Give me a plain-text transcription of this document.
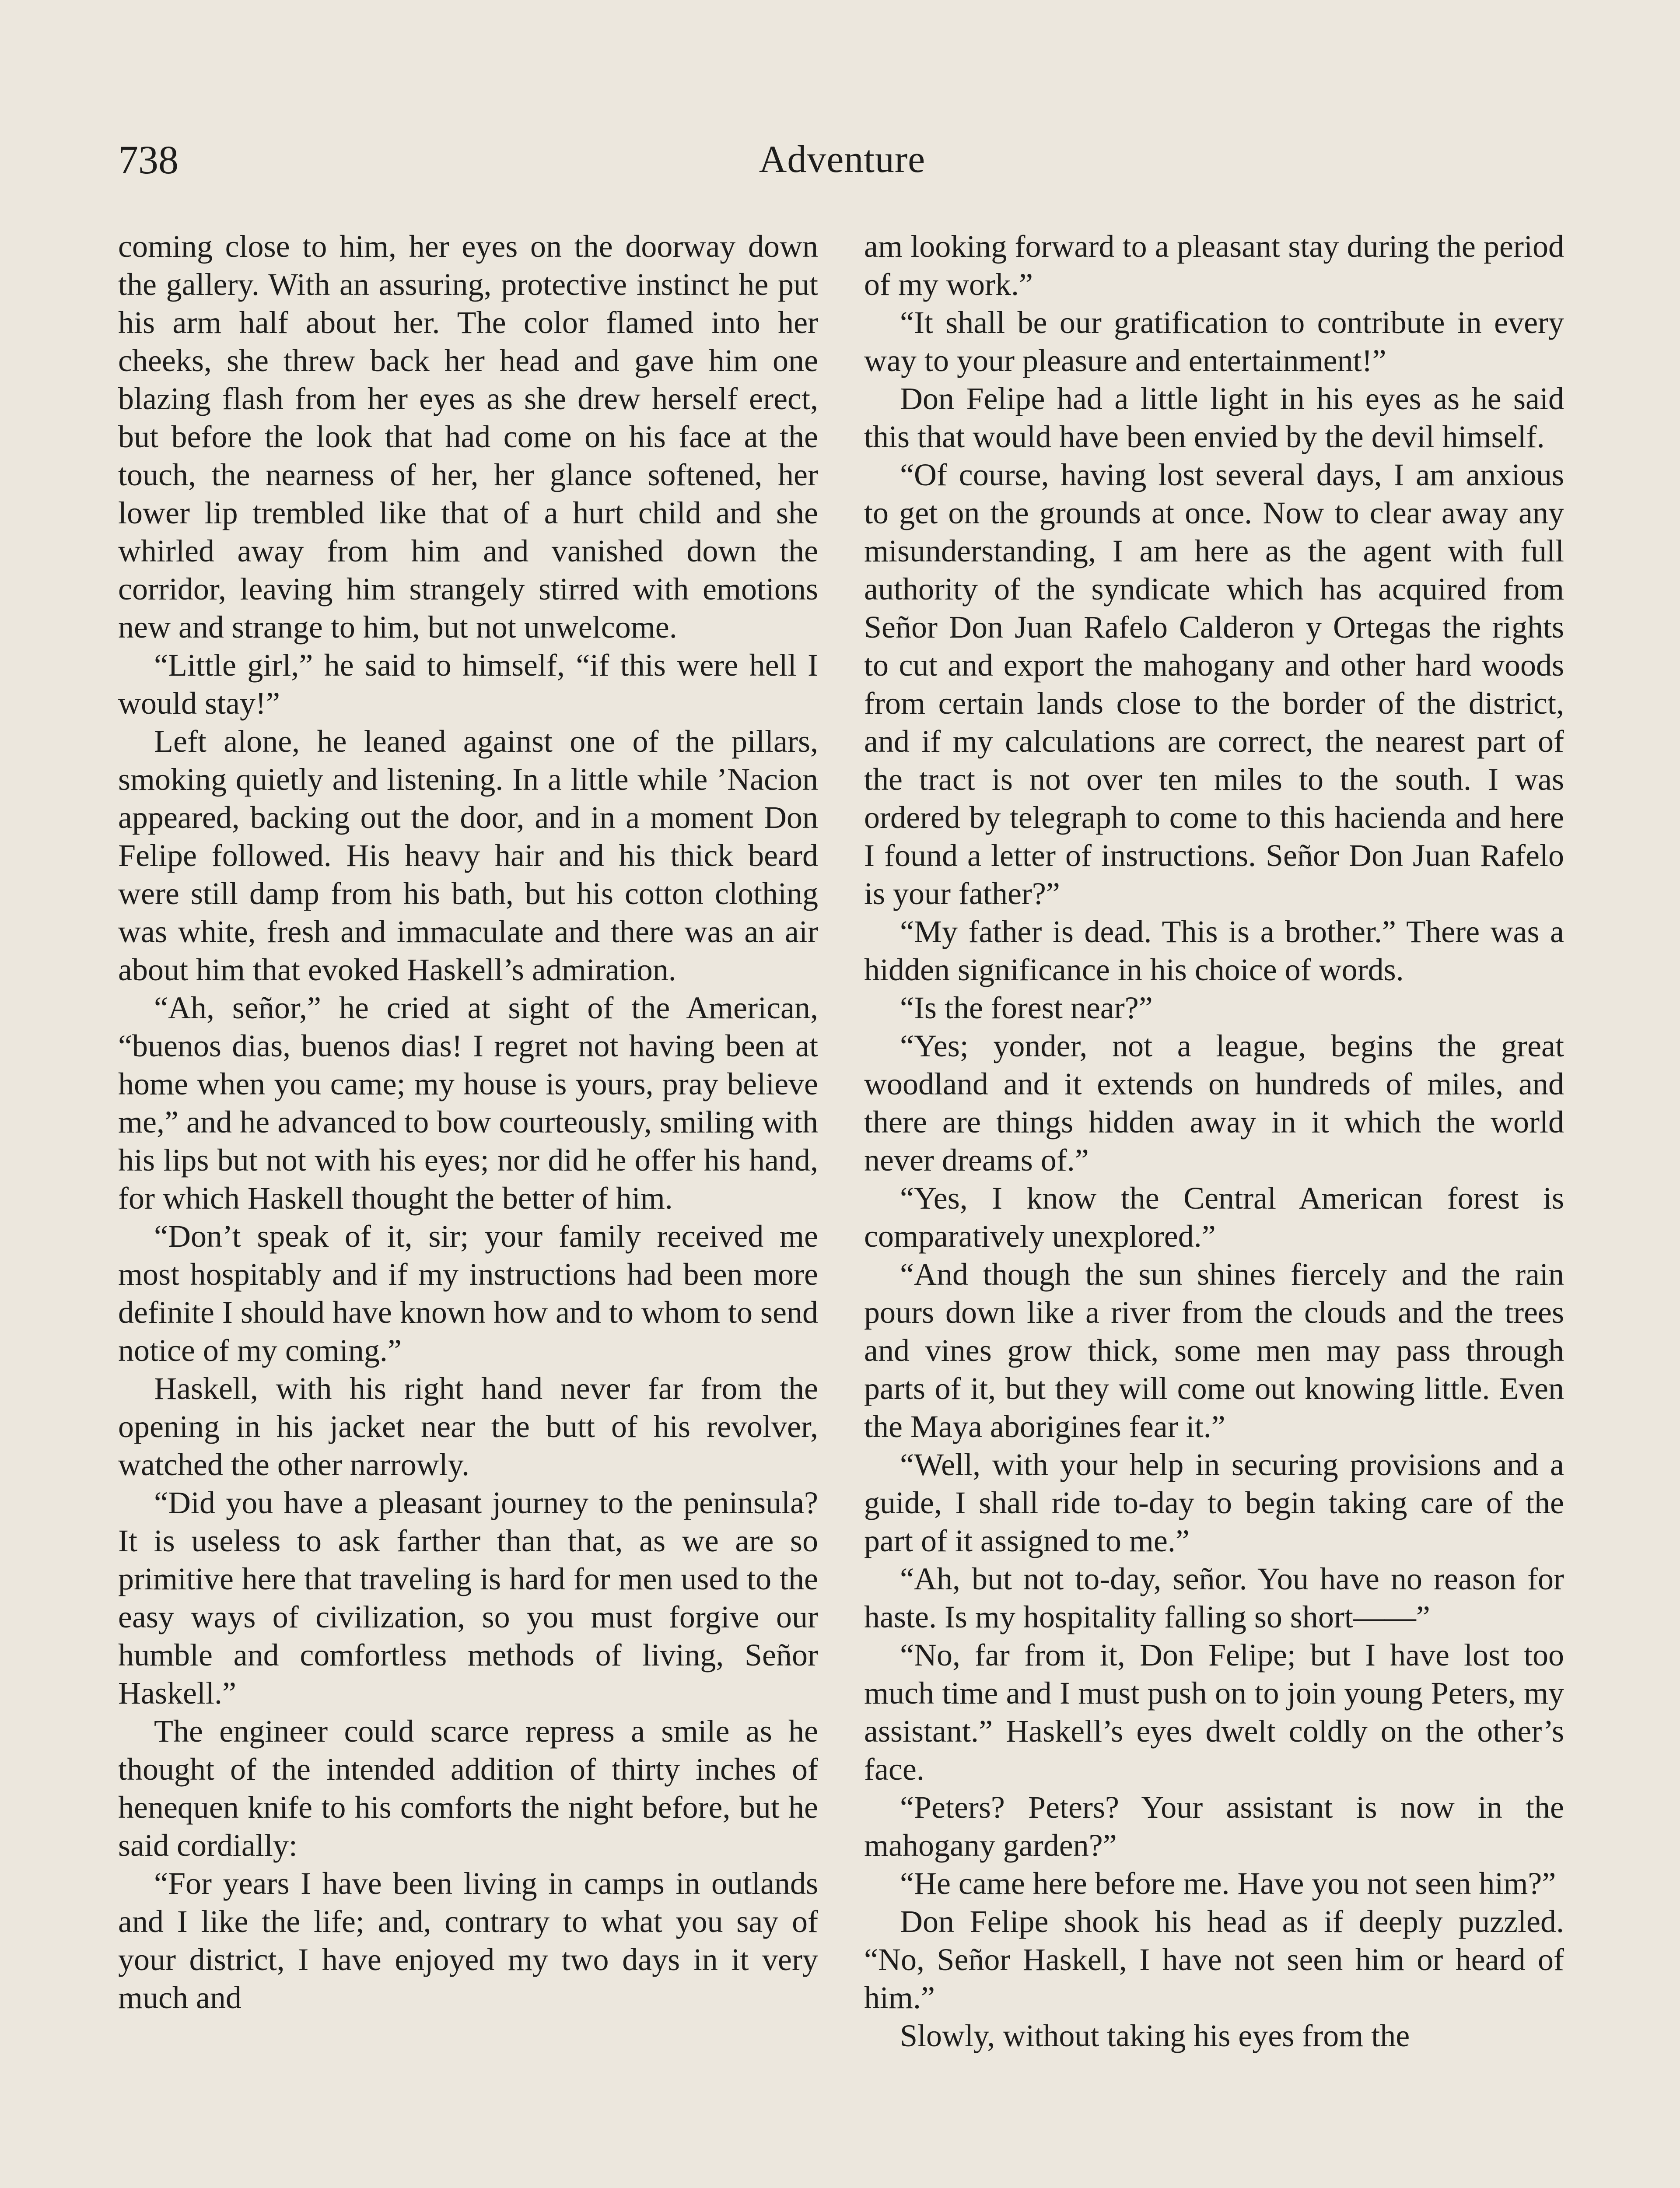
738	Adventure

coming close to him, her eyes on the doorway down the gallery. With an assuring, protective instinct he put his arm half about her. The color flamed into her cheeks, she threw back her head and gave him one blazing flash from her eyes as she drew herself erect, but before the look that had come on his face at the touch, the nearness of her, her glance softened, her lower lip trembled like that of a hurt child and she whirled away from him and vanished down the corridor, leaving him strangely stirred with emotions new and strange to him, but not unwelcome.

“Little girl,” he said to himself, “if this were hell I would stay!”

Left alone, he leaned against one of the pillars, smoking quietly and listening. In a little while ’Nacion appeared, backing out the door, and in a moment Don Felipe followed. His heavy hair and his thick beard were still damp from his bath, but his cotton clothing was white, fresh and immaculate and there was an air about him that evoked Haskell’s admiration.

“Ah, señor,” he cried at sight of the American, “buenos dias, buenos dias! I regret not having been at home when you came; my house is yours, pray believe me,” and he advanced to bow courteously, smiling with his lips but not with his eyes; nor did he offer his hand, for which Haskell thought the better of him.

“Don’t speak of it, sir; your family received me most hospitably and if my instructions had been more definite I should have known how and to whom to send notice of my coming.”

Haskell, with his right hand never far from the opening in his jacket near the butt of his revolver, watched the other narrowly.

“Did you have a pleasant journey to the peninsula? It is useless to ask farther than that, as we are so primitive here that traveling is hard for men used to the easy ways of civilization, so you must forgive our humble and comfortless methods of living, Señor Haskell.”

The engineer could scarce repress a smile as he thought of the intended addition of thirty inches of henequen knife to his comforts the night before, but he said cordially:

“For years I have been living in camps in outlands and I like the life; and, contrary to what you say of your district, I have enjoyed my two days in it very much and

am looking forward to a pleasant stay during the period of my work.”

“It shall be our gratification to contribute in every way to your pleasure and entertainment!”

Don Felipe had a little light in his eyes as he said this that would have been envied by the devil himself.

“Of course, having lost several days, I am anxious to get on the grounds at once. Now to clear away any misunderstanding, I am here as the agent with full authority of the syndicate which has acquired from Señor Don Juan Rafelo Calderon y Ortegas the rights to cut and export the mahogany and other hard woods from certain lands close to the border of the district, and if my calculations are correct, the nearest part of the tract is not over ten miles to the south. I was ordered by telegraph to come to this hacienda and here I found a letter of instructions. Señor Don Juan Rafelo is your father?”

“My father is dead. This is a brother.” There was a hidden significance in his choice of words.

“Is the forest near?”

“Yes; yonder, not a league, begins the great woodland and it extends on hundreds of miles, and there are things hidden away in it which the world never dreams of.”

“Yes, I know the Central American forest is comparatively unexplored.”

“And though the sun shines fiercely and the rain pours down like a river from the clouds and the trees and vines grow thick, some men may pass through parts of it, but they will come out knowing little. Even the Maya aborigines fear it.”

“Well, with your help in securing provisions and a guide, I shall ride to-day to begin taking care of the part of it assigned to me.”

“Ah, but not to-day, señor. You have no reason for haste. Is my hospitality falling so short——”

“No, far from it, Don Felipe; but I have lost too much time and I must push on to join young Peters, my assistant.” Haskell’s eyes dwelt coldly on the other’s face.

“Peters? Peters? Your assistant is now in the mahogany garden?”

“He came here before me. Have you not seen him?”

Don Felipe shook his head as if deeply puzzled. “No, Señor Haskell, I have not seen him or heard of him.”

Slowly, without taking his eyes from the
